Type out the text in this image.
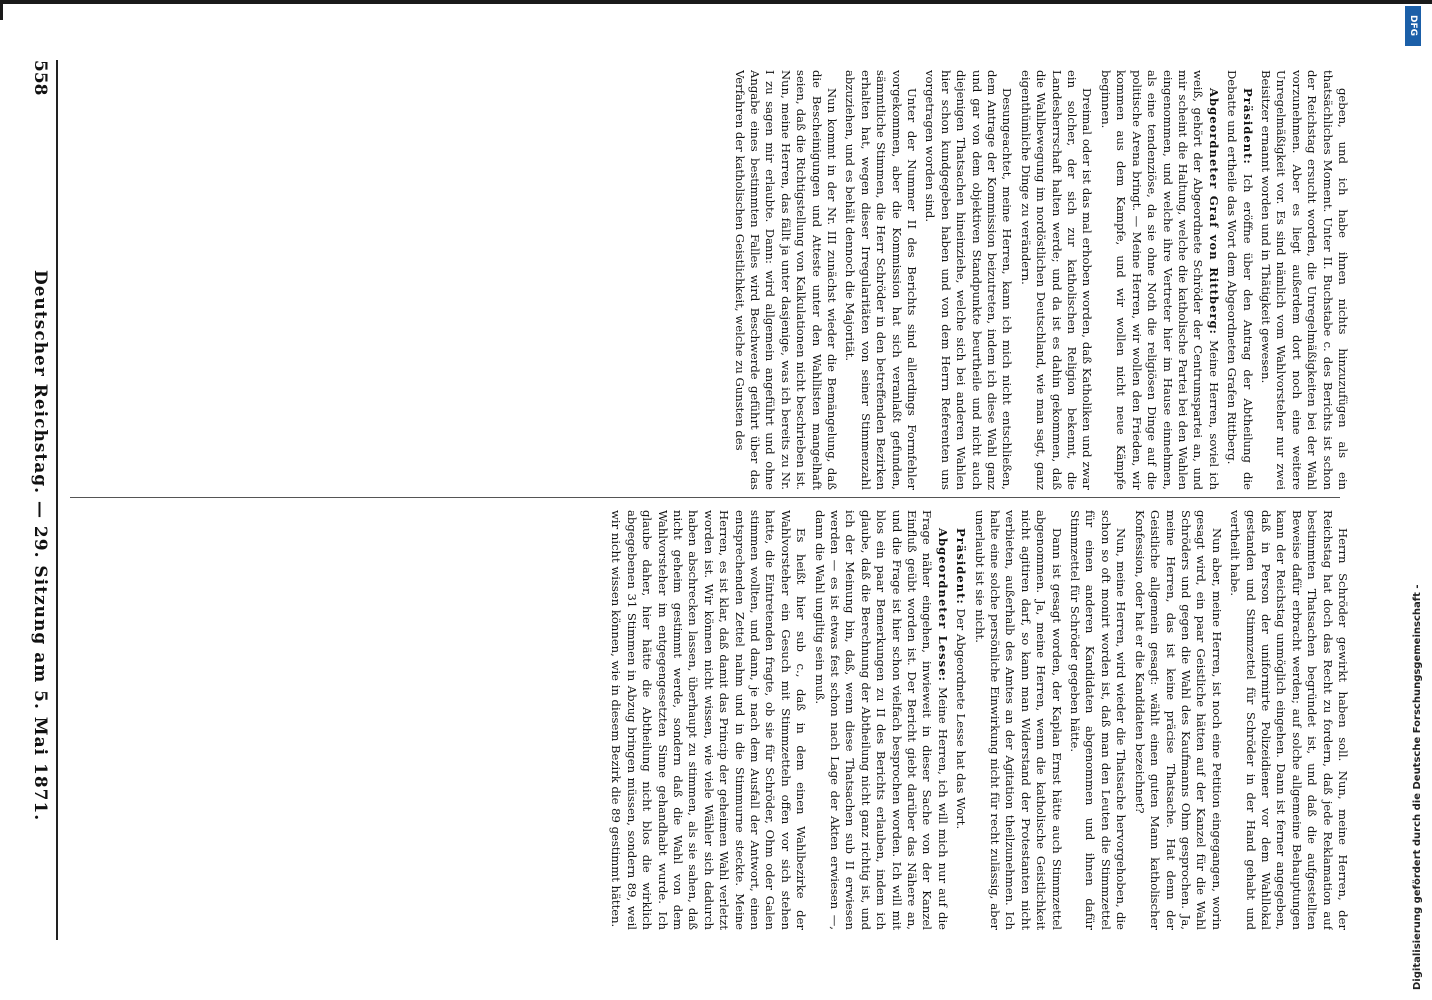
558
Deutscher Reichstag. — 29. Sitzung am 5. Mai 1871.	geben, und ich habe ihnen nichts hinzuzufügen als ein thatsächliches Moment. Unter II. Buchstabe c. des Berichts ist schon der Reichstag ersucht worden, die Unregelmäßigkeiten bei der Wahl vorzunehmen. Aber es liegt außerdem dort noch eine weitere Unregelmäßigkeit vor. Es sind nämlich vom Wahlvorsteher nur zwei Beisitzer ernannt worden und in Thätigkeit gewesen.

Präsident: Ich eröffne über den Antrag der Abtheilung die Debatte und ertheile das Wort dem Abgeordneten Grafen Rittberg.

Abgeordneter Graf von Rittberg: Meine Herren, soviel ich weiß, gehört der Abgeordnete Schröder der Centrumspartei an, und mir scheint die Haltung, welche die katholische Partei bei den Wahlen eingenommen, und welche ihre Vertreter hier im Hause einnehmen, als eine tendenziöse, da sie ohne Noth die religiösen Dinge auf die politische Arena bringt. — Meine Herren, wir wollen den Frieden, wir kommen aus dem Kampfe, und wir wollen nicht neue Kämpfe beginnen.

Dreimal oder ist das mal erhoben worden, daß Katholiken und zwar ein solcher, der sich zur katholischen Religion bekennt, die Landesherrschaft halten werde; und da ist es dahin gekommen, daß die Wahlbewegung im nordöstlichen Deutschland, wie man sagt, ganz eigenthümliche Dinge zu verändern.

Desungeachtet, meine Herren, kann ich mich nicht entschließen, dem Antrage der Kommission beizutreten, indem ich diese Wahl ganz und gar von dem objektiven Standpunkte beurtheile und nicht auch diejenigen Thatsachen hineinziehe, welche sich bei anderen Wahlen hier schon kundgegeben haben und von dem Herrn Referenten uns vorgetragen worden sind.

Unter der Nummer II des Berichts sind allerdings Formfehler vorgekommen, aber die Kommission hat sich veranlaßt gefunden, sämmtliche Stimmen, die Herr Schröder in den betreffenden Bezirken erhalten hat, wegen dieser Irregularitäten von seiner Stimmenzahl abzuziehen, und es behält dennoch die Majorität.

Nun kommt in der Nr. III zunächst wieder die Bemängelung, daß die Bescheinigungen und Atteste unter den Wahllisten mangelhaft seien, daß die Richtigstellung von Kalkulationen nicht beschrieben ist. Nun, meine Herren, das fällt ja unter dasjenige, was ich bereits zu Nr. I zu sagen mir erlaubte. Dann: wird allgemein angeführt und ohne Angabe eines bestimmten Falles wird Beschwerde geführt über das Verfahren der katholischen Geistlichkeit, welche zu Gunsten des

Herrn Schröder gewirkt haben soll. Nun, meine Herren, der Reichstag hat doch das Recht zu fordern, daß jede Reklamation auf bestimmten Thatsachen begründet ist, und daß die aufgestellten Beweise dafür erbracht werden; auf solche allgemeine Behauptungen kann der Reichstag unmöglich eingehen. Dann ist ferner angegeben, daß in Person der uniformirte Polizeidiener vor dem Wahllokal gestanden und Stimmzettel für Schröder in der Hand gehabt und vertheilt habe.

Nun aber, meine Herren, ist noch eine Petition eingegangen, worin gesagt wird, ein paar Geistliche hätten auf der Kanzel für die Wahl Schröders und gegen die Wahl des Kaufmanns Ohm gesprochen. Ja, meine Herren, das ist keine präcise Thatsache. Hat denn der Geistliche allgemein gesagt: wählt einen guten Mann katholischer Konfession, oder hat er die Kandidaten bezeichnet?

Nun, meine Herren, wird wieder die Thatsache hervorgehoben, die schon so oft monirt worden ist, daß man den Leuten die Stimmzettel für einen anderen Kandidaten abgenommen und ihnen dafür Stimmzettel für Schröder gegeben hätte.

Dann ist gesagt worden, der Kaplan Ernst hätte auch Stimmzettel abgenommen. Ja, meine Herren, wenn die katholische Geistlichkeit nicht agitiren darf, so kann man Widerstand der Protestanten nicht verbieten, außerhalb des Amtes an der Agitation theilzunehmen. Ich halte eine solche persönliche Einwirkung nicht für recht zulässig, aber unerlaubt ist sie nicht.

Präsident: Der Abgeordnete Lesse hat das Wort.

Abgeordneter Lesse: Meine Herren, ich will mich nur auf die Frage näher eingehen, inwieweit in dieser Sache von der Kanzel Einfluß geübt worden ist. Der Bericht giebt darüber das Nähere an, und die Frage ist hier schon vielfach besprochen worden. Ich will mit blos ein paar Bemerkungen zu II des Berichts erlauben, indem ich glaube, daß die Berechnung der Abtheilung nicht ganz richtig ist, und ich der Meinung bin, daß, wenn diese Thatsachen sub II erwiesen werden — es ist etwas fest schon nach Lage der Akten erwiesen —, dann die Wahl ungiltig sein muß.

Es heißt hier sub c., daß in dem einen Wahlbezirke der Wahlvorsteher ein Gesuch mit Stimmzetteln offen vor sich stehen hatte, die Eintretenden fragte, ob sie für Schröder, Ohm oder Galen stimmen wollten, und dann, je nach dem Ausfall der Antwort, einen entsprechenden Zettel nahm und in die Stimmurne steckte. Meine Herren, es ist klar, daß damit das Princip der geheimen Wahl verletzt worden ist. Wir können nicht wissen, wie viele Wähler sich dadurch haben abschrecken lassen, überhaupt zu stimmen, als sie sahen, daß nicht geheim gestimmt werde, sondern daß die Wahl von dem Wahlvorsteher im entgegengesetzten Sinne gehandhabt wurde. Ich glaube daher, hier hätte die Abtheilung nicht blos die wirklich abgegebenen 31 Stimmen in Abzug bringen müssen, sondern 89, weil wir nicht wissen können, wie in diesem Bezirk die 89 gestimmt hätten.

DFG
Digitalisierung gefördert durch die Deutsche Forschungsgemeinschaft -
